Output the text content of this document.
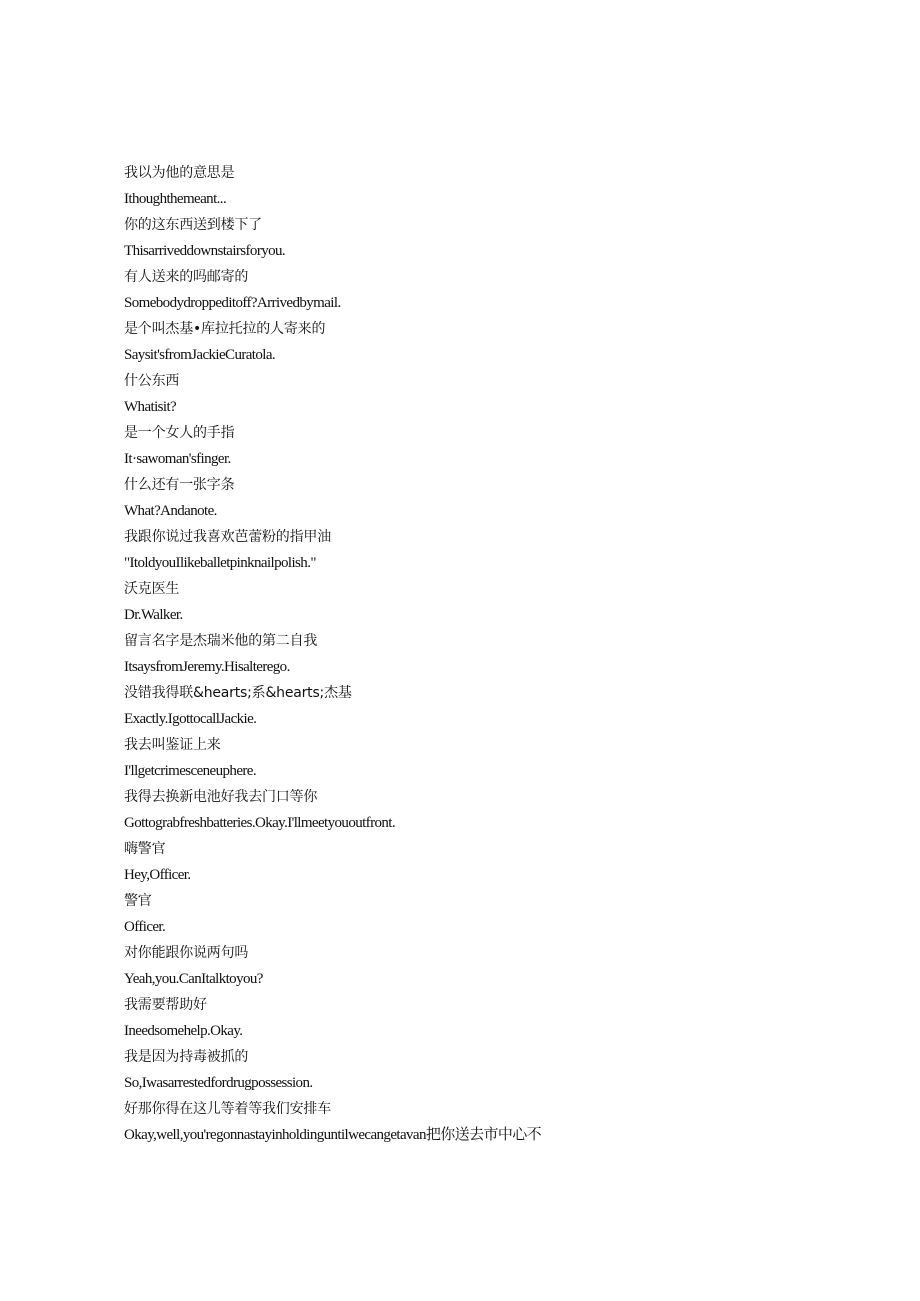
我以为他的意思是
Ithoughthemeant...
你的这东西送到楼下了
Thisarriveddownstairsforyou.
有人送来的吗邮寄的
Somebodydroppeditoff?Arrivedbymail.
是个叫杰基•库拉托拉的人寄来的
Saysit'sfromJackieCuratola.
什公东西
Whatisit?
是一个女人的手指
It·sawoman'sfinger.
什么还有一张字条
What?Andanote.
我跟你说过我喜欢芭蕾粉的指甲油
"ItoldyouIlikeballetpinknailpolish."
沃克医生
Dr.Walker.
留言名字是杰瑞米他的第二自我
ItsaysfromJeremy.Hisalterego.
没错我得联&hearts;系&hearts;杰基
Exactly.IgottocallJackie.
我去叫鉴证上来
I'llgetcrimesceneuphere.
我得去换新电池好我去门口等你
Gottograbfreshbatteries.Okay.I'llmeetyououtfront.
嗨警官
Hey,Officer.
警官
Officer.
对你能跟你说两句吗
Yeah,you.CanItalktoyou?
我需要帮助好
Ineedsomehelp.Okay.
我是因为持毒被抓的
So,Iwasarrestedfordrugpossession.
好那你得在这儿等着等我们安排车
Okay,well,you'regonnastayinholdinguntilwecangetavan把你送去市中心不
